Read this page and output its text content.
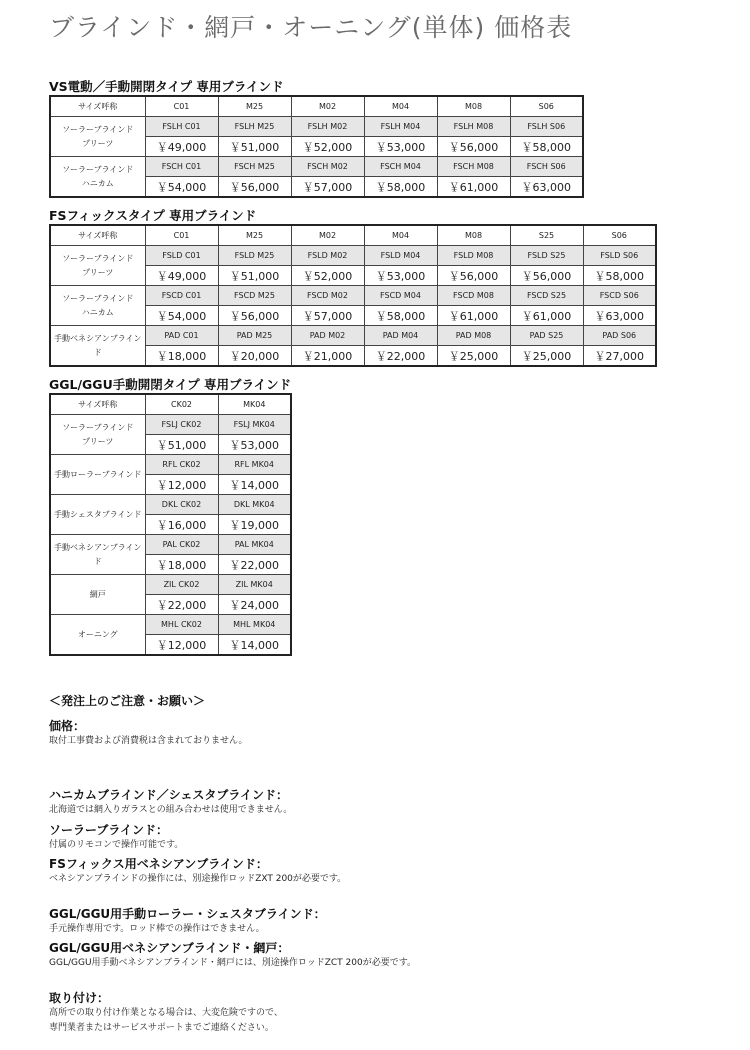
ブラインド・網戸・オーニング(単体) 価格表
VS電動／手動開閉タイプ 専用ブラインド
サイズ呼称	C01	M25	M02	M04	M08	S06

ソーラーブラインド
プリーツ	FSLH C01	FSLH M25	FSLH M02	FSLH M04	FSLH M08	FSLH S06
	￥49,000	￥51,000	￥52,000	￥53,000	￥56,000	￥58,000

ソーラーブラインド
ハニカム	FSCH C01	FSCH M25	FSCH M02	FSCH M04	FSCH M08	FSCH S06
	￥54,000	￥56,000	￥57,000	￥58,000	￥61,000	￥63,000
FSフィックスタイプ 専用ブラインド
サイズ呼称	C01	M25	M02	M04	M08	S25	S06

ソーラーブラインド
プリーツ	FSLD C01	FSLD M25	FSLD M02	FSLD M04	FSLD M08	FSLD S25	FSLD S06
	￥49,000	￥51,000	￥52,000	￥53,000	￥56,000	￥56,000	￥58,000

ソーラーブラインド
ハニカム	FSCD C01	FSCD M25	FSCD M02	FSCD M04	FSCD M08	FSCD S25	FSCD S06
	￥54,000	￥56,000	￥57,000	￥58,000	￥61,000	￥61,000	￥63,000

手動ベネシアンブラインド	PAD C01	PAD M25	PAD M02	PAD M04	PAD M08	PAD S25	PAD S06
	￥18,000	￥20,000	￥21,000	￥22,000	￥25,000	￥25,000	￥27,000
GGL/GGU手動開閉タイプ 専用ブラインド
サイズ呼称	CK02	MK04

ソーラーブラインド
プリーツ	FSLJ CK02	FSLJ MK04
	￥51,000	￥53,000

手動ローラーブラインド	RFL CK02	RFL MK04
	￥12,000	￥14,000

手動シェスタブラインド	DKL CK02	DKL MK04
	￥16,000	￥19,000

手動ベネシアンブラインド	PAL CK02	PAL MK04
	￥18,000	￥22,000

網戸	ZIL CK02	ZIL MK04
	￥22,000	￥24,000

オーニング	MHL CK02	MHL MK04
	￥12,000	￥14,000
＜発注上のご注意・お願い＞
価格：
取付工事費および消費税は含まれておりません。
ハニカムブラインド／シェスタブラインド：
北海道では網入りガラスとの組み合わせは使用できません。
ソーラーブラインド：
付属のリモコンで操作可能です。
FSフィックス用ベネシアンブラインド：
ベネシアンブラインドの操作には、別途操作ロッドZXT 200が必要です。
GGL/GGU用手動ローラー・シェスタブラインド：
手元操作専用です。ロッド棒での操作はできません。
GGL/GGU用ベネシアンブラインド・網戸：
GGL/GGU用手動ベネシアンブラインド・網戸には、別途操作ロッドZCT 200が必要です。
取り付け：
高所での取り付け作業となる場合は、大変危険ですので、
専門業者またはサービスサポートまでご連絡ください。
